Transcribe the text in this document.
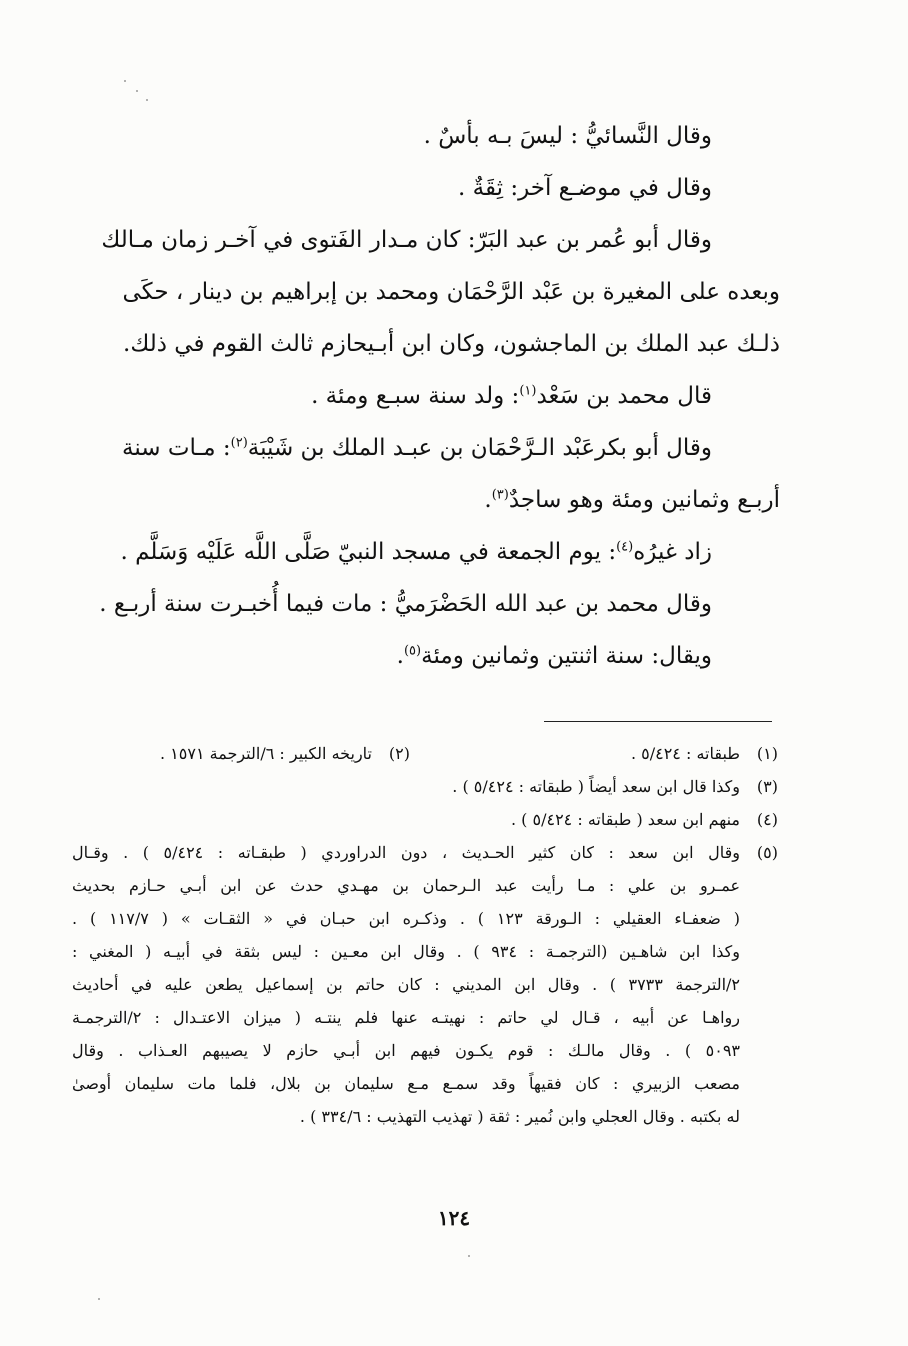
وقال النَّسائيُّ : ليسَ بـه بأسٌ .

وقال في موضـع آخر: ثِقَةٌ .

وقال أبو عُمر بن عبد البَرّ: كان مـدار الفَتوى في آخـر زمان مـالك

وبعده على المغيرة بن عَبْد الرَّحْمَان ومحمد بن إبراهيم بن دينار ، حكَى

ذلـك عبد الملك بن الماجشون، وكان ابن أبـيحازم ثالث القوم في ذلك.

قال محمد بن سَعْد$^{(١)}$: ولد سنة سبـع ومئة .

وقال أبو بكرعَبْد الـرَّحْمَان بن عبـد الملك بن شَيْبَة$^{(٢)}$: مـات سنة

أربـع وثمانين ومئة وهو ساجدٌ$^{(٣)}$.

زاد غيرُه$^{(٤)}$: يوم الجمعة في مسجد النبيّ صَلَّى اللَّه عَلَيْه وَسَلَّم .

وقال محمد بن عبد الله الحَضْرَميُّ : مات فيما أُخبـرت سنة أربـع .

ويقال: سنة اثنتين وثمانين ومئة$^{(٥)}$.

(١)
طبقاته : ٥/٤٢٤ .
(٢)
تاريخه الكبير : ٦/الترجمة ١٥٧١ .
(٣)
وكذا قال ابن سعد أيضاً ( طبقاته : ٥/٤٢٤ ) .
(٤)
منهم ابن سعد ( طبقاته : ٥/٤٢٤ ) .
(٥)
وقال ابن سعد : كان كثير الحـديث ، دون الدراوردي ( طبقـاته : ٥/٤٢٤ ) . وقـال
عمـرو بن علي : مـا رأيت عبد الـرحمان بن مهـدي حدث عن ابن أبـي حـازم بحديث
( ضعفـاء العقيلي : الـورقة ١٢٣ ) . وذكـره ابن حبـان في « الثقـات » ( ١١٧/٧ ) .
وكذا ابن شاهـين (الترجمـة : ٩٣٤ ) . وقال ابن معـين : ليس بثقة في أبيـه ( المغني :
٢/الترجمة ٣٧٣٣ ) . وقال ابن المديني : كان حاتم بن إسماعيل يطعن عليه في أحاديث
رواهـا عن أبيه ، قـال لي حاتم : نهيتـه عنها فلم ينتـه ( ميزان الاعتـدال : ٢/الترجمـة
٥٠٩٣ ) . وقال مالـك : قوم يكـون فيهم ابن أبـي حازم لا يصيبهم العـذاب . وقال
مصعب الزبيري : كان فقيهاً وقد سمـع مـع سليمان بن بلال، فلما مات سليمان أوصىٰ
له بكتبه . وقال العجلي وابن نُمير : ثقة ( تهذيب التهذيب : ٣٣٤/٦ ) .
١٢٤
